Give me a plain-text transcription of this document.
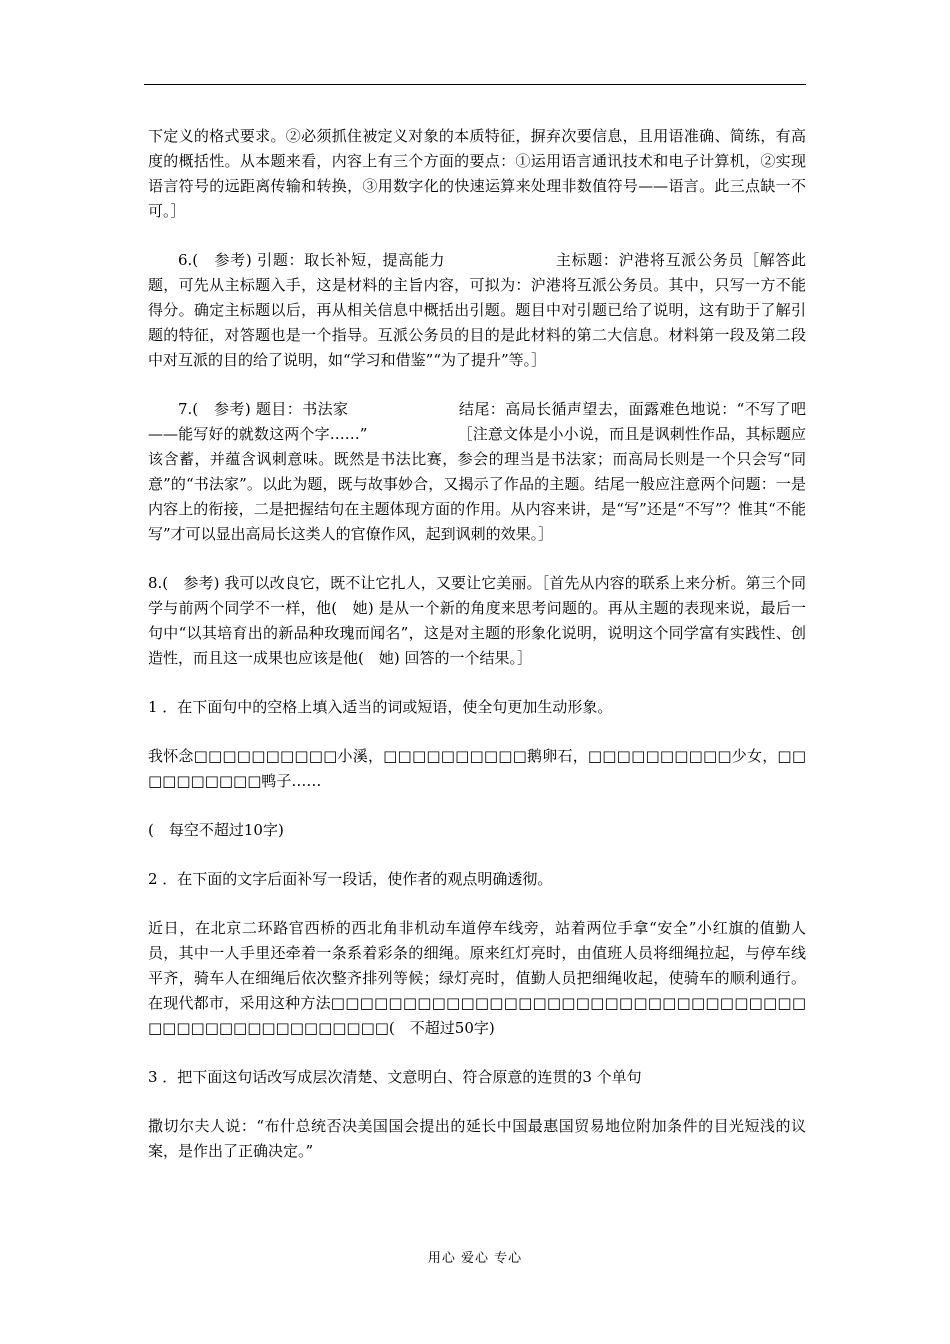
下定义的格式要求。②必须抓住被定义对象的本质特征，摒弃次要信息，且用语准确、简练，有高度的概括性。从本题来看，内容上有三个方面的要点：①运用语言通讯技术和电子计算机，②实现语言符号的远距离传输和转换，③用数字化的快速运算来处理非数值符号——语言。此三点缺一不可。］

6.(　参考) 引题：取长补短，提高能力	主标题：沪港将互派公务员［解答此题，可先从主标题入手，这是材料的主旨内容，可拟为：沪港将互派公务员。其中，只写一方不能得分。确定主标题以后，再从相关信息中概括出引题。题目中对引题已给了说明，这有助于了解引题的特征，对答题也是一个指导。互派公务员的目的是此材料的第二大信息。材料第一段及第二段中对互派的目的给了说明，如“学习和借鉴”“为了提升”等。］

7.(　参考) 题目：书法家	结尾：高局长循声望去，面露难色地说：“不写了吧——能写好的就数这两个字……”	［注意文体是小小说，而且是讽刺性作品，其标题应该含蓄，并蕴含讽刺意味。既然是书法比赛，参会的理当是书法家；而高局长则是一个只会写“同意”的“书法家”。以此为题，既与故事妙合，又揭示了作品的主题。结尾一般应注意两个问题：一是内容上的衔接，二是把握结句在主题体现方面的作用。从内容来讲，是“写”还是“不写”？惟其“不能写”才可以显出高局长这类人的官僚作风，起到讽刺的效果。］

8.(　参考) 我可以改良它，既不让它扎人，又要让它美丽。［首先从内容的联系上来分析。第三个同学与前两个同学不一样，他(　她) 是从一个新的角度来思考问题的。再从主题的表现来说，最后一句中“以其培育出的新品种玫瑰而闻名”，这是对主题的形象化说明，说明这个同学富有实践性、创造性，而且这一成果也应该是他(　她) 回答的一个结果。］

1 ．在下面句中的空格上填入适当的词或短语，使全句更加生动形象。

我怀念□□□□□□□□□□小溪，□□□□□□□□□□鹅卵石，□□□□□□□□□□少女，□□□□□□□□□□鸭子……

(　每空不超过10字)

2 ．在下面的文字后面补写一段话，使作者的观点明确透彻。

近日，在北京二环路官西桥的西北角非机动车道停车线旁，站着两位手拿“安全”小红旗的值勤人员，其中一人手里还牵着一条系着彩条的细绳。原来红灯亮时，由值班人员将细绳拉起，与停车线平齐，骑车人在细绳后依次整齐排列等候；绿灯亮时，值勤人员把细绳收起，使骑车的顺利通行。在现代都市，采用这种方法□□□□□□□□□□□□□□□□□□□□□□□□□□□□□□□□□□□□□□□□□□□□□□□□□□(　不超过50字)

3 ．把下面这句话改写成层次清楚、文意明白、符合原意的连贯的3 个单句

撒切尔夫人说：“布什总统否决美国国会提出的延长中国最惠国贸易地位附加条件的目光短浅的议案，是作出了正确决定。”

用心 爱心 专心
